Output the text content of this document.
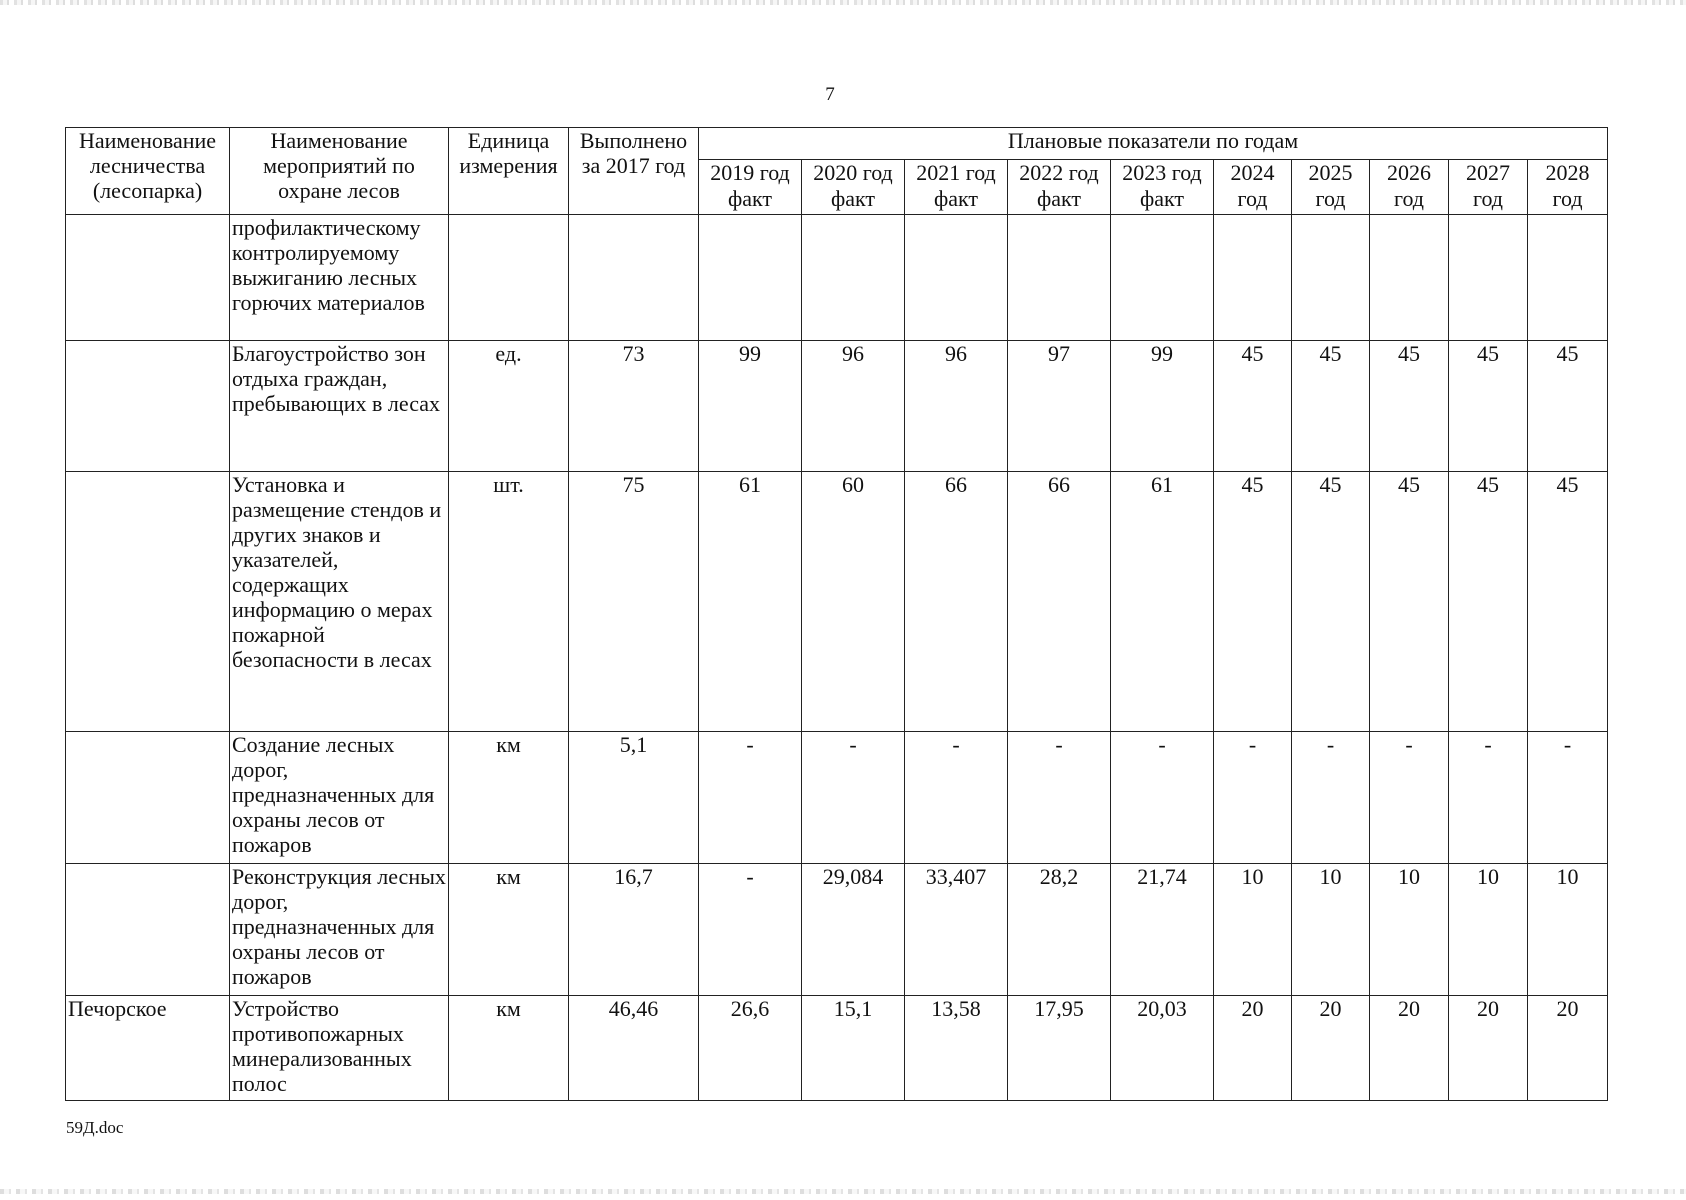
7
Наименование лесничества (лесопарка)	Наименование мероприятий по охране лесов	Единица измерения	Выполнено за 2017 год	Плановые показатели по годам									
				2019 год факт	2020 год факт	2021 год факт	2022 год факт	2023 год факт	2024 год	2025 год	2026 год	2027 год	2028 год
	профилактическому контролируемому выжиганию лесных горючих материалов												
	Благоустройство зон отдыха граждан, пребывающих в лесах	ед.	73	99	96	96	97	99	45	45	45	45	45
	Установка и размещение стендов и других знаков и указателей, содержащих информацию о мерах пожарной безопасности в лесах	шт.	75	61	60	66	66	61	45	45	45	45	45
	Создание лесных дорог, предназначенных для охраны лесов от пожаров	км	5,1	-	-	-	-	-	-	-	-	-	-
	Реконструкция лесных дорог, предназначенных для охраны лесов от пожаров	км	16,7	-	29,084	33,407	28,2	21,74	10	10	10	10	10
Печорское	Устройство противопожарных минерализованных полос	км	46,46	26,6	15,1	13,58	17,95	20,03	20	20	20	20	20
59Д.doc
